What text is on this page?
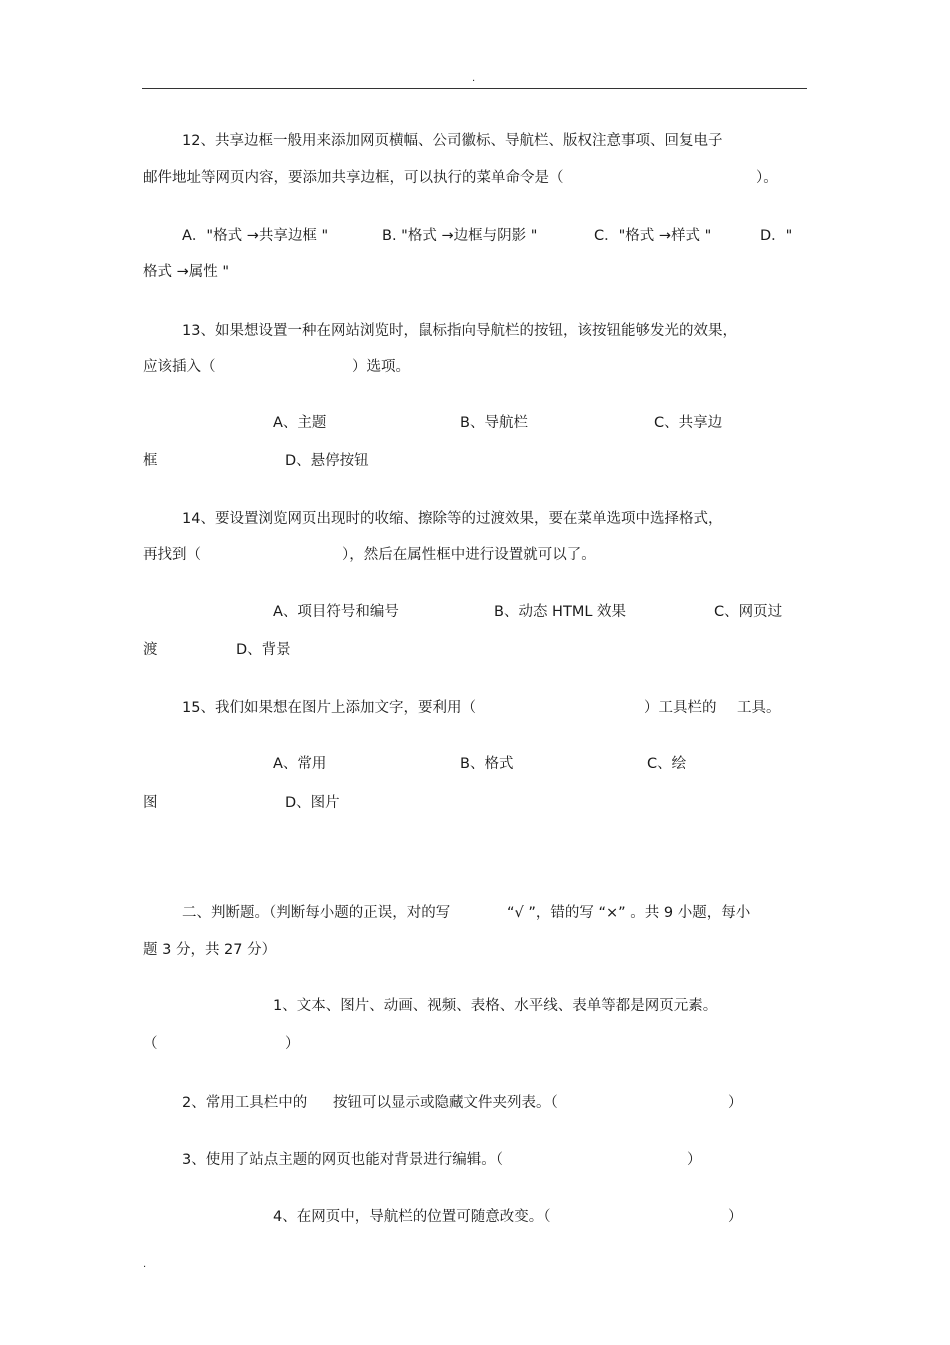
.
12、共享边框一般用来添加网页横幅、公司徽标、导航栏、版权注意事项、回复电子
邮件地址等网页内容，要添加共享边框，可以执行的菜单命令是（	）。
A．"格式 →共享边框 "	B. "格式 →边框与阴影 "	C．"格式 →样式 "	D．"
格式 →属性 "
13、如果想设置一种在网站浏览时，鼠标指向导航栏的按钮，该按钮能够发光的效果，
应该插入（	）选项。
A、主题	B、导航栏	C、共享边
框	D、悬停按钮
14、要设置浏览网页出现时的收缩、擦除等的过渡效果，要在菜单选项中选择格式，
再找到（	），然后在属性框中进行设置就可以了。
A、项目符号和编号	B、动态 HTML 效果	C、网页过
渡	D、背景
15、我们如果想在图片上添加文字，要利用（	）工具栏的 工具。
A、常用	B、格式	C、绘
图	D、图片
二、判断题。（判断每小题的正误，对的写	“√ ”，错的写 “×” 。共 9 小题，每小
题 3 分，共 27 分）
1、文本、图片、动画、视频、表格、水平线、表单等都是网页元素。
（	）
2、常用工具栏中的 按钮可以显示或隐藏文件夹列表。（	）
3、使用了站点主题的网页也能对背景进行编辑。（	）
4、在网页中，导航栏的位置可随意改变。（	）
.
